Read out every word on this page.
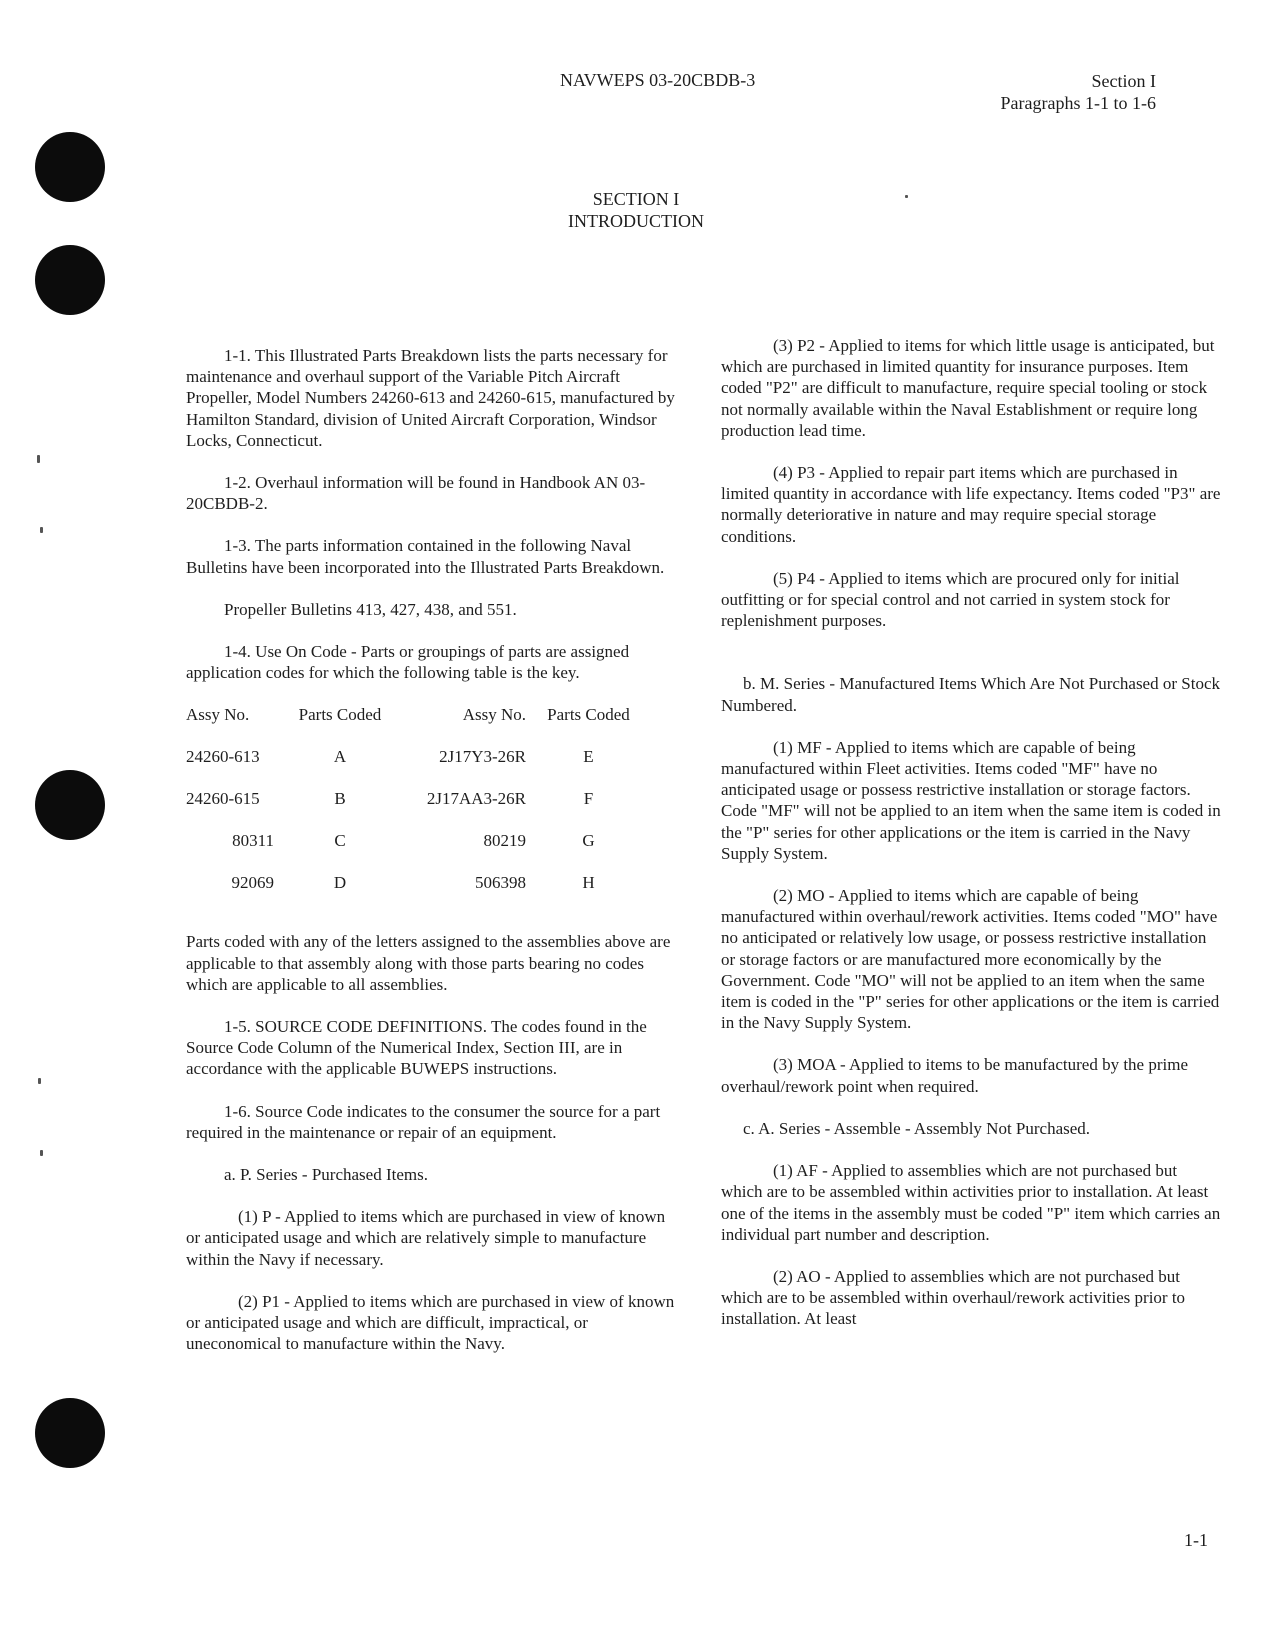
NAVWEPS 03-20CBDB-3	Section I
Paragraphs 1-1 to 1-6
SECTION I
INTRODUCTION

1-1. This Illustrated Parts Breakdown lists the parts necessary for maintenance and overhaul support of the Variable Pitch Aircraft Propeller, Model Numbers 24260-613 and 24260-615, manufactured by Hamilton Standard, division of United Aircraft Corporation, Windsor Locks, Connecticut.

1-2. Overhaul information will be found in Handbook AN 03-20CBDB-2.

1-3. The parts information contained in the following Naval Bulletins have been incorporated into the Illustrated Parts Breakdown.

Propeller Bulletins 413, 427, 438, and 551.

1-4. Use On Code - Parts or groupings of parts are assigned application codes for which the following table is the key.

Assy No.	Parts Coded	Assy No.	Parts Coded
24260-613	A	2J17Y3-26R	E
24260-615	B	2J17AA3-26R	F
80311	C	80219	G
92069	D	506398	H

Parts coded with any of the letters assigned to the assemblies above are applicable to that assembly along with those parts bearing no codes which are applicable to all assemblies.

1-5. SOURCE CODE DEFINITIONS. The codes found in the Source Code Column of the Numerical Index, Section III, are in accordance with the applicable BUWEPS instructions.

1-6. Source Code indicates to the consumer the source for a part required in the maintenance or repair of an equipment.

a. P. Series - Purchased Items.

(1) P - Applied to items which are purchased in view of known or anticipated usage and which are relatively simple to manufacture within the Navy if necessary.

(2) P1 - Applied to items which are purchased in view of known or anticipated usage and which are difficult, impractical, or uneconomical to manufacture within the Navy.

(3) P2 - Applied to items for which little usage is anticipated, but which are purchased in limited quantity for insurance purposes. Item coded "P2" are difficult to manufacture, require special tooling or stock not normally available within the Naval Establishment or require long production lead time.

(4) P3 - Applied to repair part items which are purchased in limited quantity in accordance with life expectancy. Items coded "P3" are normally deteriorative in nature and may require special storage conditions.

(5) P4 - Applied to items which are procured only for initial outfitting or for special control and not carried in system stock for replenishment purposes.

b. M. Series - Manufactured Items Which Are Not Purchased or Stock Numbered.

(1) MF - Applied to items which are capable of being manufactured within Fleet activities. Items coded "MF" have no anticipated usage or possess restrictive installation or storage factors. Code "MF" will not be applied to an item when the same item is coded in the "P" series for other applications or the item is carried in the Navy Supply System.

(2) MO - Applied to items which are capable of being manufactured within overhaul/rework activities. Items coded "MO" have no anticipated or relatively low usage, or possess restrictive installation or storage factors or are manufactured more economically by the Government. Code "MO" will not be applied to an item when the same item is coded in the "P" series for other applications or the item is carried in the Navy Supply System.

(3) MOA - Applied to items to be manufactured by the prime overhaul/rework point when required.

c. A. Series - Assemble - Assembly Not Purchased.

(1) AF - Applied to assemblies which are not purchased but which are to be assembled within activities prior to installation. At least one of the items in the assembly must be coded "P" item which carries an individual part number and description.

(2) AO - Applied to assemblies which are not purchased but which are to be assembled within overhaul/rework activities prior to installation. At least

1-1
